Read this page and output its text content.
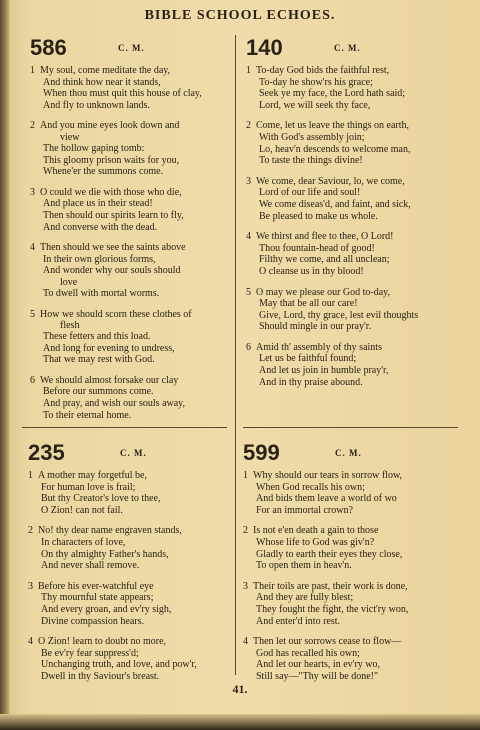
BIBLE SCHOOL ECHOES.
586	C. M.
1 My soul, come meditate the day,
And think how near it stands,
When thou must quit this house of clay,
And fly to unknown lands.
2 And you mine eyes look down and
view
The hollow gaping tomb:
This gloomy prison waits for you,
Whene'er the summons come.
3 O could we die with those who die,
And place us in their stead!
Then should our spirits learn to fly,
And converse with the dead.
4 Then should we see the saints above
In their own glorious forms,
And wonder why our souls should
love
To dwell with mortal worms.
5 How we should scorn these clothes of
flesh
These fetters and this load.
And long for evening to undress,
That we may rest with God.
6 We should almost forsake our clay
Before our summons come.
And pray, and wish our souls away,
To their eternal home.
140	C. M.
1 To-day God bids the faithful rest,
To-day he show'rs his grace;
Seek ye my face, the Lord hath said;
Lord, we will seek thy face,
2 Come, let us leave the things on earth,
With God's assembly join;
Lo, heav'n descends to welcome man,
To taste the things divine!
3 We come, dear Saviour, lo, we come,
Lord of our life and soul!
We come diseas'd, and faint, and sick,
Be pleased to make us whole.
4 We thirst and flee to thee, O Lord!
Thou fountain-head of good!
Filthy we come, and all unclean;
O cleanse us in thy blood!
5 O may we please our God to-day,
May that be all our care!
Give, Lord, thy grace, lest evil thoughts
Should mingle in our pray'r.
6 Amid th' assembly of thy saints
Let us be faithful found;
And let us join in humble pray'r,
And in thy praise abound.
235	C. M.
1 A mother may forgetful be,
For human love is frail;
But thy Creator's love to thee,
O Zion! can not fail.
2 No! thy dear name engraven stands,
In characters of love,
On thy almighty Father's hands,
And never shall remove.
3 Before his ever-watchful eye
Thy mournful state appears;
And every groan, and ev'ry sigh,
Divine compassion hears.
4 O Zion! learn to doubt no more,
Be ev'ry fear suppress'd;
Unchanging truth, and love, and pow'r,
Dwell in thy Saviour's breast.
599	C. M.
1 Why should our tears in sorrow flow,
When God recalls his own;
And bids them leave a world of wo
For an immortal crown?
2 Is not e'en death a gain to those
Whose life to God was giv'n?
Gladly to earth their eyes they close,
To open them in heav'n.
3 Their toils are past, their work is done,
And they are fully blest;
They fought the fight, the vict'ry won,
And enter'd into rest.
4 Then let our sorrows cease to flow—
God has recalled his own;
And let our hearts, in ev'ry wo,
Still say—"Thy will be done!"
41.
